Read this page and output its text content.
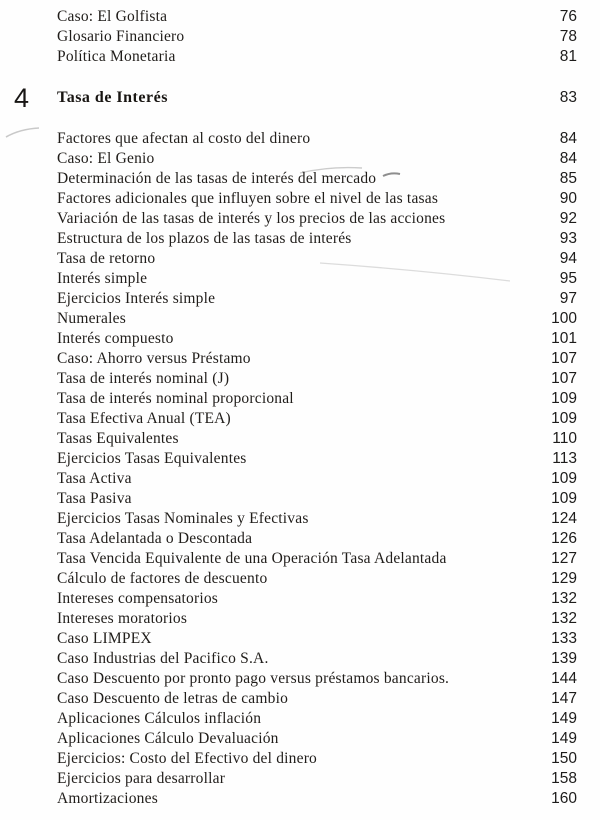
Caso: El Golfista	76
Glosario Financiero	78
Política Monetaria	81
4 Tasa de Interés	83
Factores que afectan al costo del dinero	84
Caso: El Genio	84
Determinación de las tasas de interés del mercado	85
Factores adicionales que influyen sobre el nivel de las tasas	90
Variación de las tasas de interés y los precios de las acciones	92
Estructura de los plazos de las tasas de interés	93
Tasa de retorno	94
Interés simple	95
Ejercicios Interés simple	97
Numerales	100
Interés compuesto	101
Caso: Ahorro versus Préstamo	107
Tasa de interés nominal (J)	107
Tasa de interés nominal proporcional	109
Tasa Efectiva Anual (TEA)	109
Tasas Equivalentes	110
Ejercicios Tasas Equivalentes	113
Tasa Activa	109
Tasa Pasiva	109
Ejercicios Tasas Nominales y Efectivas	124
Tasa Adelantada o Descontada	126
Tasa Vencida Equivalente de una Operación Tasa Adelantada	127
Cálculo de factores de descuento	129
Intereses compensatorios	132
Intereses moratorios	132
Caso LIMPEX	133
Caso Industrias del Pacifico S.A.	139
Caso Descuento por pronto pago versus préstamos bancarios.	144
Caso Descuento de letras de cambio	147
Aplicaciones Cálculos inflación	149
Aplicaciones Cálculo Devaluación	149
Ejercicios: Costo del Efectivo del dinero	150
Ejercicios para desarrollar	158
Amortizaciones	160
